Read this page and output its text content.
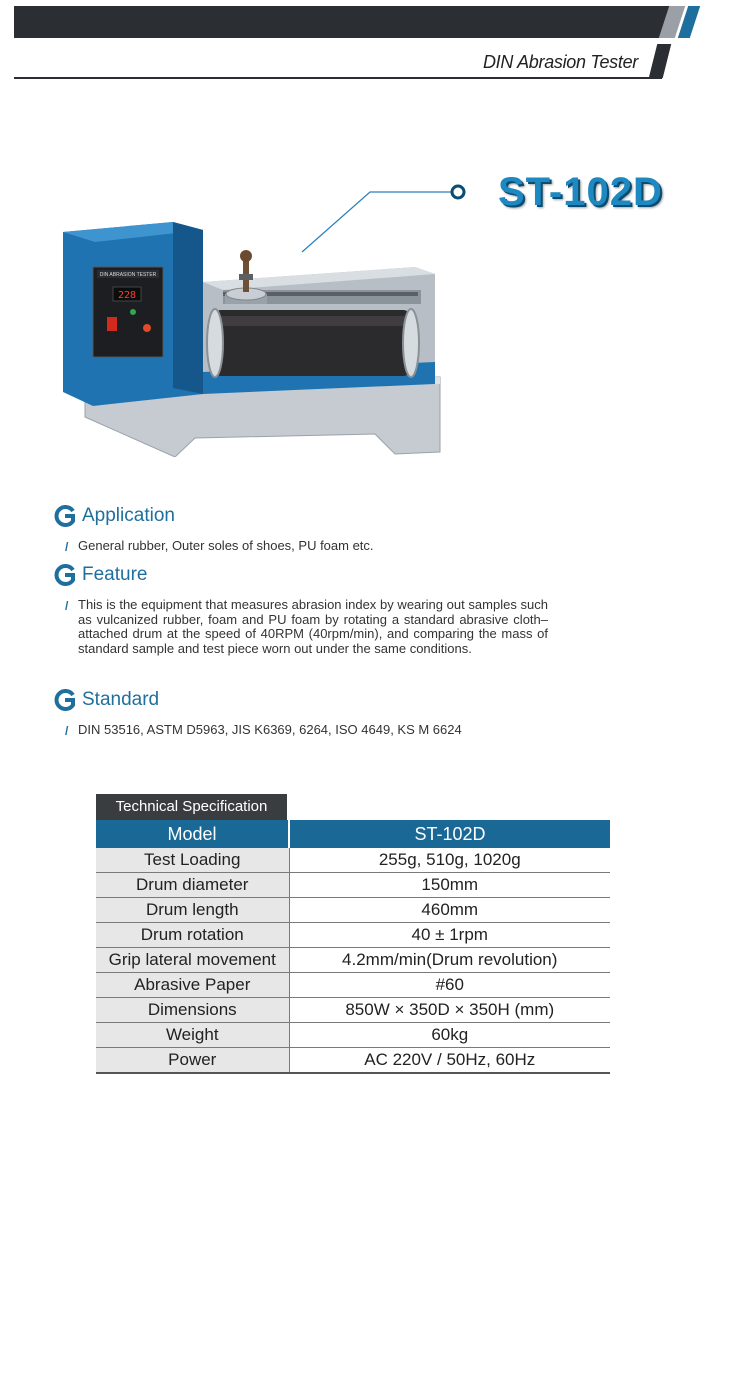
DIN Abrasion Tester
ST-102D
DIN ABRASION TESTER
228
Application
/ General rubber, Outer soles of shoes, PU foam etc.
Feature
/ This is the equipment that measures abrasion index by wearing out samples such as vulcanized rubber, foam and PU foam by rotating a standard abrasive cloth–attached drum at the speed of 40RPM (40rpm/min), and comparing the mass of standard sample and test piece worn out under the same conditions.
Standard
/ DIN 53516, ASTM D5963, JIS K6369, 6264, ISO 4649, KS M 6624
Technical Specification
Model	ST-102D
Test Loading	255g, 510g, 1020g
Drum diameter	150mm
Drum length	460mm
Drum rotation	40 ± 1rpm
Grip lateral movement	4.2mm/min(Drum revolution)
Abrasive Paper	#60
Dimensions	850W × 350D × 350H (mm)
Weight	60kg
Power	AC 220V / 50Hz, 60Hz
